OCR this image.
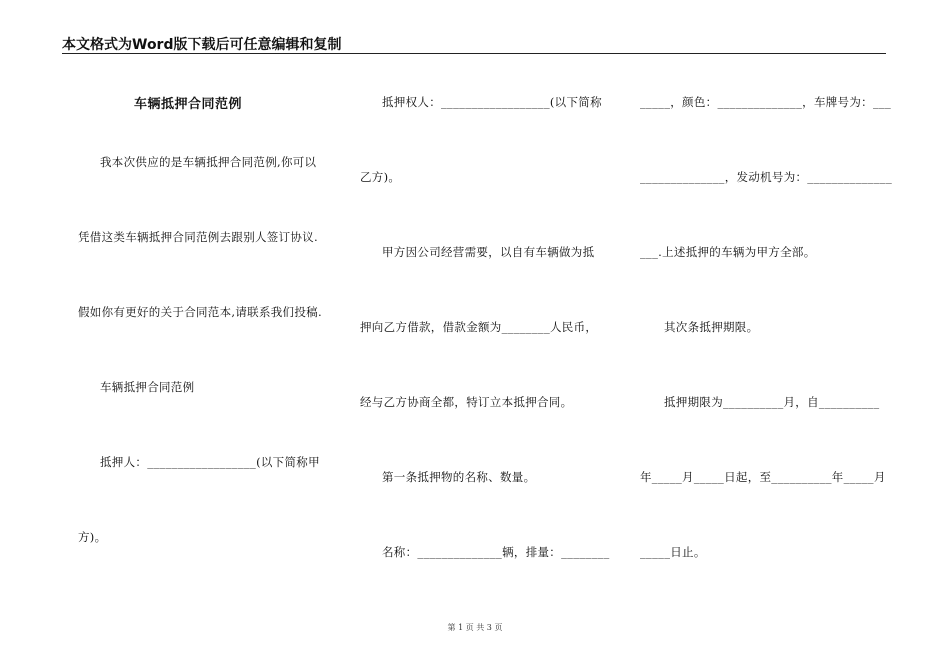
本文格式为Word版下载后可任意编辑和复制
车辆抵押合同范例
我本次供应的是车辆抵押合同范例,你可以
凭借这类车辆抵押合同范例去跟别人签订协议.
假如你有更好的关于合同范本,请联系我们投稿.
车辆抵押合同范例
抵押人：__________________(以下简称甲
方)。
抵押权人：__________________(以下简称
乙方)。
甲方因公司经营需要，以自有车辆做为抵
押向乙方借款，借款金额为________人民币，
经与乙方协商全都，特订立本抵押合同。
第一条抵押物的名称、数量。
名称：______________辆，排量：________
_____，颜色：______________，车牌号为：___
______________，发动机号为：______________
___.上述抵押的车辆为甲方全部。
其次条抵押期限。
抵押期限为__________月，自__________
年_____月_____日起，至__________年_____月
_____日止。
第 1 页 共 3 页
